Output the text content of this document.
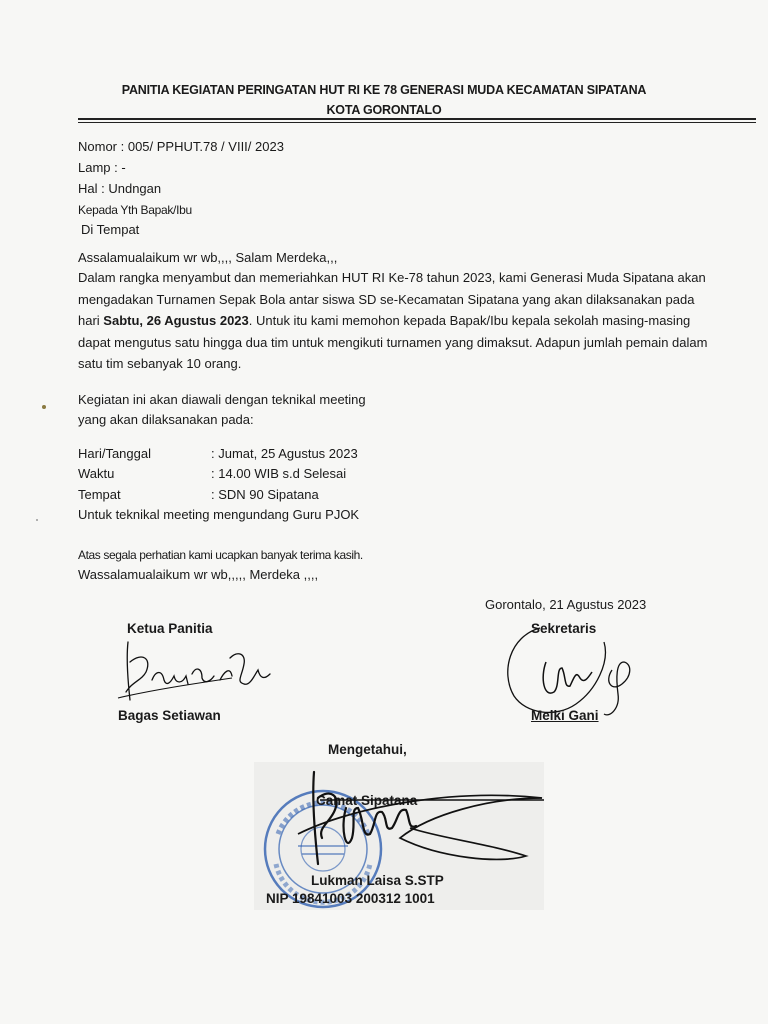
PANITIA KEGIATAN PERINGATAN HUT RI KE 78 GENERASI MUDA KECAMATAN SIPATANA
KOTA GORONTALO
Nomor : 005/ PPHUT.78 / VIII/ 2023
Lamp : -
Hal : Undngan
Kepada Yth Bapak/Ibu
Di Tempat
Assalamualaikum wr wb,,,, Salam Merdeka,,,
Dalam rangka menyambut dan memeriahkan HUT RI Ke-78 tahun 2023, kami Generasi Muda Sipatana akan mengadakan Turnamen Sepak Bola antar siswa SD se-Kecamatan Sipatana yang akan dilaksanakan pada hari Sabtu, 26 Agustus 2023. Untuk itu kami memohon kepada Bapak/Ibu kepala sekolah masing-masing dapat mengutus satu hingga dua tim untuk mengikuti turnamen yang dimaksut. Adapun jumlah pemain dalam satu tim sebanyak 10 orang.
Kegiatan ini akan diawali dengan teknikal meeting
yang akan dilaksanakan pada:
Hari/Tanggal	: Jumat, 25 Agustus 2023
Waktu	: 14.00 WIB s.d Selesai
Tempat	: SDN 90 Sipatana
Untuk teknikal meeting mengundang Guru PJOK
Atas segala perhatian kami ucapkan banyak terima kasih.
Wassalamualaikum wr wb,,,,, Merdeka ,,,,
Gorontalo, 21 Agustus 2023
Ketua Panitia
Bagas Setiawan
Sekretaris
Melki Gani
Mengetahui,
Camat Sipatana
Lukman Laisa S.STP
NIP 19841003 200312 1001
